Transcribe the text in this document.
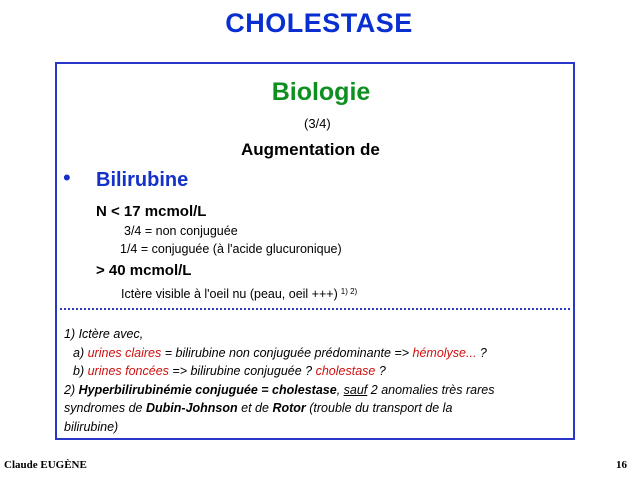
CHOLESTASE
Biologie
(3/4)
Augmentation de
• Bilirubine
N < 17 mcmol/L
3/4 = non conjuguée
1/4 = conjuguée (à l'acide glucuronique)
> 40 mcmol/L
Ictère visible à l'oeil nu (peau, oeil +++) $^{1) 2)}$
1) Ictère avec,
a) urines claires = bilirubine non conjuguée prédominante => hémolyse... ?
b) urines foncées => bilirubine conjuguée ? cholestase ?
2) Hyperbilirubinémie conjuguée = cholestase, sauf 2 anomalies très rares
syndromes de Dubin-Johnson et de Rotor (trouble du transport de la
bilirubine)
Claude EUGÈNE	16
